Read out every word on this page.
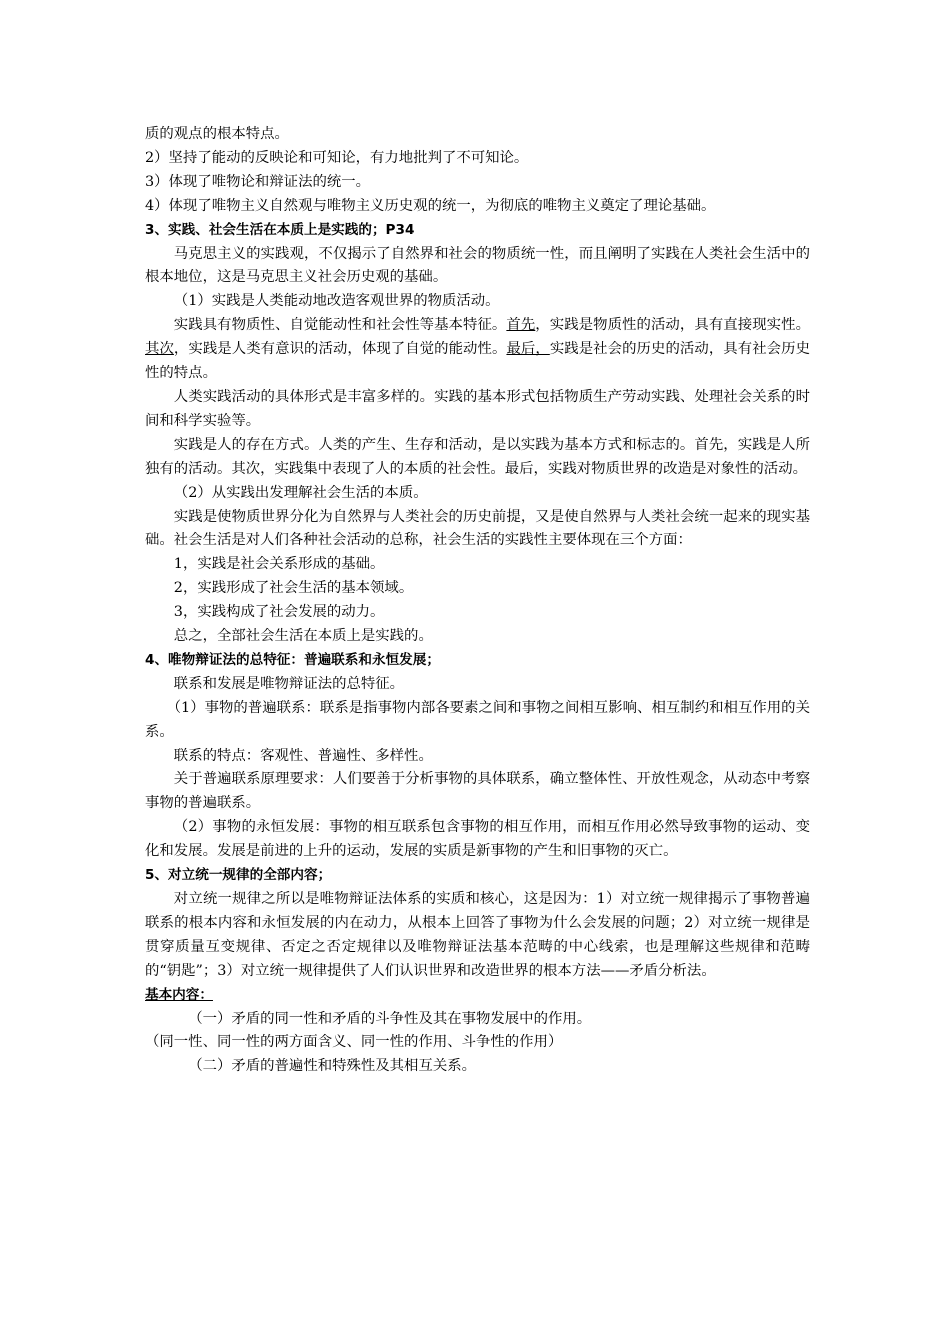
质的观点的根本特点。

2）坚持了能动的反映论和可知论，有力地批判了不可知论。

3）体现了唯物论和辩证法的统一。

4）体现了唯物主义自然观与唯物主义历史观的统一，为彻底的唯物主义奠定了理论基础。

3、实践、社会生活在本质上是实践的；P34

马克思主义的实践观，不仅揭示了自然界和社会的物质统一性，而且阐明了实践在人类社会生活中的根本地位，这是马克思主义社会历史观的基础。

（1）实践是人类能动地改造客观世界的物质活动。

实践具有物质性、自觉能动性和社会性等基本特征。首先，实践是物质性的活动，具有直接现实性。其次，实践是人类有意识的活动，体现了自觉的能动性。最后，实践是社会的历史的活动，具有社会历史性的特点。

人类实践活动的具体形式是丰富多样的。实践的基本形式包括物质生产劳动实践、处理社会关系的时间和科学实验等。

实践是人的存在方式。人类的产生、生存和活动，是以实践为基本方式和标志的。首先，实践是人所独有的活动。其次，实践集中表现了人的本质的社会性。最后，实践对物质世界的改造是对象性的活动。

（2）从实践出发理解社会生活的本质。

实践是使物质世界分化为自然界与人类社会的历史前提，又是使自然界与人类社会统一起来的现实基础。社会生活是对人们各种社会活动的总称，社会生活的实践性主要体现在三个方面：

1，实践是社会关系形成的基础。

2，实践形成了社会生活的基本领域。

3，实践构成了社会发展的动力。

总之，全部社会生活在本质上是实践的。

4、唯物辩证法的总特征：普遍联系和永恒发展；

联系和发展是唯物辩证法的总特征。

（1）事物的普遍联系：联系是指事物内部各要素之间和事物之间相互影响、相互制约和相互作用的关系。

联系的特点：客观性、普遍性、多样性。

关于普遍联系原理要求：人们要善于分析事物的具体联系，确立整体性、开放性观念，从动态中考察事物的普遍联系。

（2）事物的永恒发展：事物的相互联系包含事物的相互作用，而相互作用必然导致事物的运动、变化和发展。发展是前进的上升的运动，发展的实质是新事物的产生和旧事物的灭亡。

5、对立统一规律的全部内容；

对立统一规律之所以是唯物辩证法体系的实质和核心，这是因为：1）对立统一规律揭示了事物普遍联系的根本内容和永恒发展的内在动力，从根本上回答了事物为什么会发展的问题；2）对立统一规律是贯穿质量互变规律、否定之否定规律以及唯物辩证法基本范畴的中心线索，也是理解这些规律和范畴的“钥匙”；3）对立统一规律提供了人们认识世界和改造世界的根本方法——矛盾分析法。

基本内容：

（一）矛盾的同一性和矛盾的斗争性及其在事物发展中的作用。

（同一性、同一性的两方面含义、同一性的作用、斗争性的作用）

（二）矛盾的普遍性和特殊性及其相互关系。
